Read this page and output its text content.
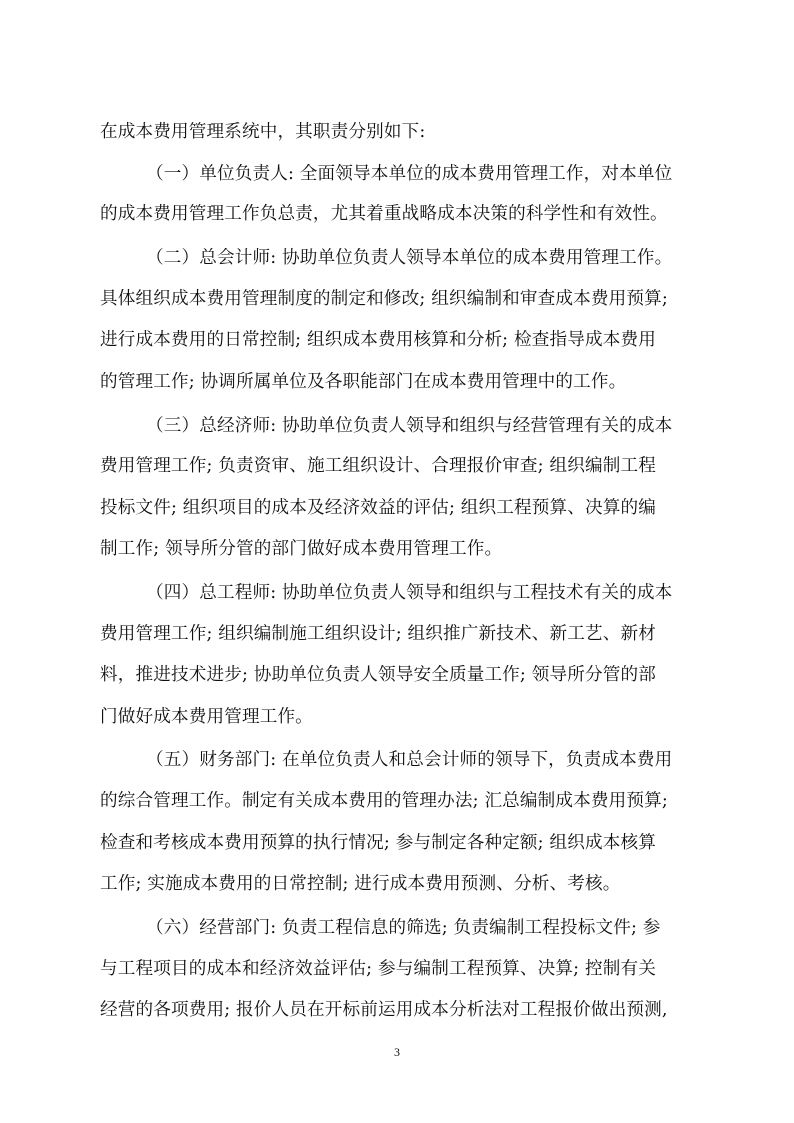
在成本费用管理系统中，其职责分别如下:
（一）单位负责人: 全面领导本单位的成本费用管理工作，对本单位
的成本费用管理工作负总责，尤其着重战略成本决策的科学性和有效性。
（二）总会计师: 协助单位负责人领导本单位的成本费用管理工作。
具体组织成本费用管理制度的制定和修改; 组织编制和审查成本费用预算;
进行成本费用的日常控制; 组织成本费用核算和分析; 检查指导成本费用
的管理工作; 协调所属单位及各职能部门在成本费用管理中的工作。
（三）总经济师: 协助单位负责人领导和组织与经营管理有关的成本
费用管理工作; 负责资审、施工组织设计、合理报价审查; 组织编制工程
投标文件; 组织项目的成本及经济效益的评估; 组织工程预算、决算的编
制工作; 领导所分管的部门做好成本费用管理工作。
（四）总工程师: 协助单位负责人领导和组织与工程技术有关的成本
费用管理工作; 组织编制施工组织设计; 组织推广新技术、新工艺、新材
料，推进技术进步; 协助单位负责人领导安全质量工作; 领导所分管的部
门做好成本费用管理工作。
（五）财务部门: 在单位负责人和总会计师的领导下，负责成本费用
的综合管理工作。制定有关成本费用的管理办法; 汇总编制成本费用预算;
检查和考核成本费用预算的执行情况; 参与制定各种定额; 组织成本核算
工作; 实施成本费用的日常控制; 进行成本费用预测、分析、考核。
（六）经营部门: 负责工程信息的筛选; 负责编制工程投标文件; 参
与工程项目的成本和经济效益评估; 参与编制工程预算、决算; 控制有关
经营的各项费用; 报价人员在开标前运用成本分析法对工程报价做出预测,
3
